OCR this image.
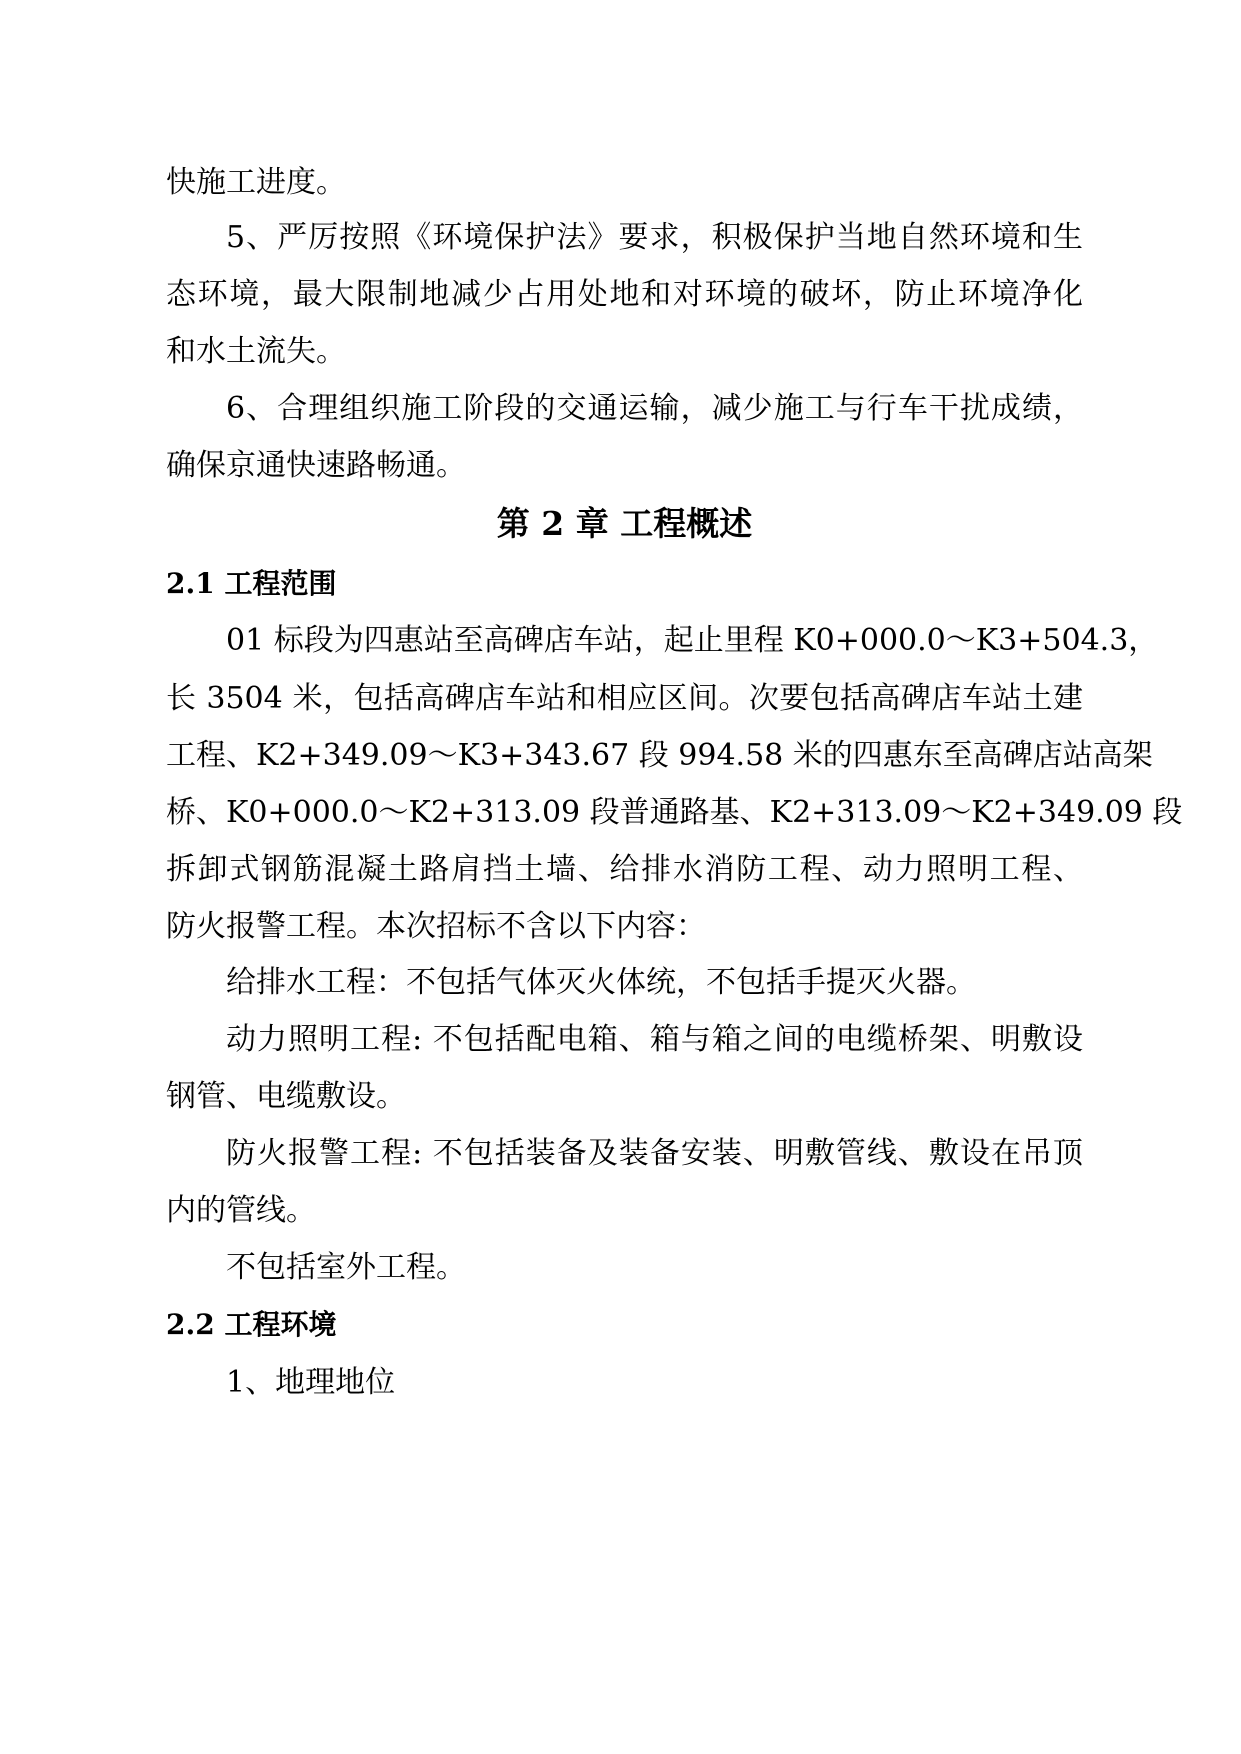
快施工进度。
5、严厉按照《环境保护法》要求，积极保护当地自然环境和生
态环境，最大限制地减少占用处地和对环境的破坏，防止环境净化
和水土流失。
6、合理组织施工阶段的交通运输，减少施工与行车干扰成绩，
确保京通快速路畅通。
第 2 章 工程概述
2.1 工程范围
01 标段为四惠站至高碑店车站，起止里程 K0+000.0～K3+504.3，
长 3504 米，包括高碑店车站和相应区间。次要包括高碑店车站土建
工程、K2+349.09～K3+343.67 段 994.58 米的四惠东至高碑店站高架
桥、K0+000.0～K2+313.09 段普通路基、K2+313.09～K2+349.09 段
拆卸式钢筋混凝土路肩挡土墙、给排水消防工程、动力照明工程、
防火报警工程。本次招标不含以下内容：
给排水工程：不包括气体灭火体统，不包括手提灭火器。
动力照明工程: 不包括配电箱、箱与箱之间的电缆桥架、明敷设
钢管、电缆敷设。
防火报警工程: 不包括装备及装备安装、明敷管线、敷设在吊顶
内的管线。
不包括室外工程。
2.2 工程环境
1、地理地位
